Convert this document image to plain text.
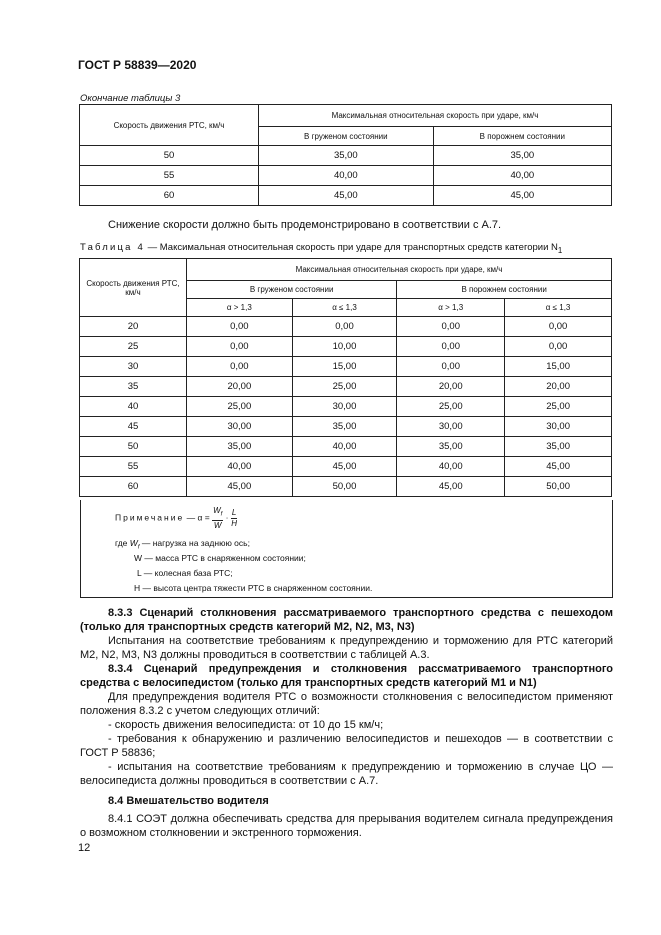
ГОСТ Р 58839—2020
Окончание таблицы 3
Скорость движения РТС, км/ч	Максимальная относительная скорость при ударе, км/ч	
	В груженом состоянии	В порожнем состоянии
50	35,00	35,00
55	40,00	40,00
60	45,00	45,00
Снижение скорости должно быть продемонстрировано в соответствии с А.7.
Таблица 4 — Максимальная относительная скорость при ударе для транспортных средств категории $N_1$
Скорость движения РТС, км/ч	Максимальная относительная скорость при ударе, км/ч			
	В груженом состоянии		В порожнем состоянии	
	α > 1,3	α ≤ 1,3	α > 1,3	α ≤ 1,3
20	0,00	0,00	0,00	0,00
25	0,00	10,00	0,00	0,00
30	0,00	15,00	0,00	15,00
35	20,00	25,00	20,00	20,00
40	25,00	30,00	25,00	25,00
45	30,00	35,00	30,00	30,00
50	35,00	40,00	35,00	35,00
55	40,00	45,00	40,00	45,00
60	45,00	50,00	45,00	50,00
Примечание — $\alpha = \frac{W_f}{W} \cdot \frac{L}{H}$
где $W_f$ — нагрузка на заднюю ось;
W — масса РТС в снаряженном состоянии;
L — колесная база РТС;
H — высота центра тяжести РТС в снаряженном состоянии.
8.3.3 Сценарий столкновения рассматриваемого транспортного средства с пешеходом (только для транспортных средств категорий M2, N2, M3, N3)
Испытания на соответствие требованиям к предупреждению и торможению для РТС категорий M2, N2, M3, N3 должны проводиться в соответствии с таблицей А.3.
8.3.4 Сценарий предупреждения и столкновения рассматриваемого транспортного средства с велосипедистом (только для транспортных средств категорий M1 и N1)
Для предупреждения водителя РТС о возможности столкновения с велосипедистом применяют положения 8.3.2 с учетом следующих отличий:
- скорость движения велосипедиста: от 10 до 15 км/ч;
- требования к обнаружению и различению велосипедистов и пешеходов — в соответствии с ГОСТ Р 58836;
- испытания на соответствие требованиям к предупреждению и торможению в случае ЦО — велосипедиста должны проводиться в соответствии с А.7.
8.4 Вмешательство водителя
8.4.1 СОЭТ должна обеспечивать средства для прерывания водителем сигнала предупреждения о возможном столкновении и экстренного торможения.
12
